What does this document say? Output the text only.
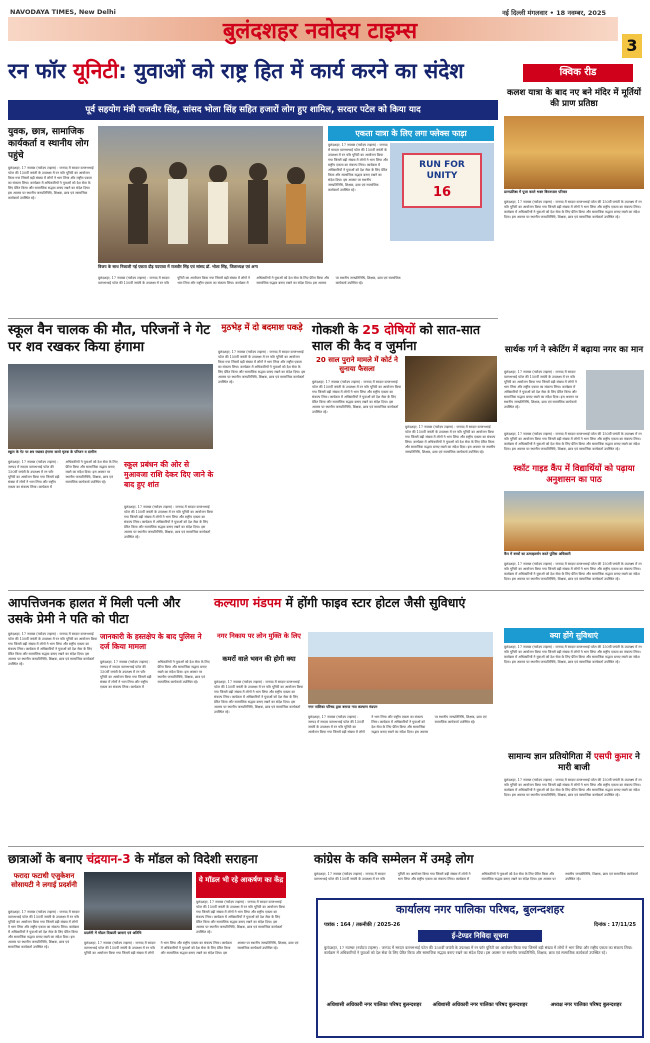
NAVODAYA TIMES, New Delhi	नई दिल्ली मंगलवार • 18 नवम्बर, 2025
बुलंदशहर नवोदय टाइम्स
3
रन फॉर यूनिटी: युवाओं को राष्ट्र हित में कार्य करने का संदेश
पूर्व सहयोग मंत्री राजवीर सिंह, सांसद भोला सिंह सहित हजारों लोग हुए शामिल, सरदार पटेल को किया याद
युवक, छात्र, सामाजिक कार्यकर्ता व स्थानीय लोग पहुंचे
बुलंदशहर, 17 नवम्बर (नवोदय टाइम्स) : जनपद में सरदार वल्लभभाई पटेल की 150वीं जयंती के उपलक्ष्य में रन फॉर यूनिटी का आयोजन किया गया जिसमें बड़ी संख्या में लोगों ने भाग लिया और राष्ट्रीय एकता का संकल्प लिया। कार्यक्रम में अधिकारियों ने युवाओं को देश सेवा के लिए प्रेरित किया और सामाजिक सद्भाव बनाए रखने का संदेश दिया। इस अवसर पर स्थानीय जनप्रतिनिधि, शिक्षक, छात्र एवं सामाजिक कार्यकर्ता उपस्थित रहे।
विजय के साथ निकाली गई एकता दौड़ पदयात्रा में राजवीर सिंह एवं सांसद डॉ. भोला सिंह, जिलाध्यक्ष एवं अन्य
बुलंदशहर, 17 नवम्बर (नवोदय टाइम्स) : जनपद में सरदार वल्लभभाई पटेल की 150वीं जयंती के उपलक्ष्य में रन फॉर यूनिटी का आयोजन किया गया जिसमें बड़ी संख्या में लोगों ने भाग लिया और राष्ट्रीय एकता का संकल्प लिया। कार्यक्रम में अधिकारियों ने युवाओं को देश सेवा के लिए प्रेरित किया और सामाजिक सद्भाव बनाए रखने का संदेश दिया। इस अवसर पर स्थानीय जनप्रतिनिधि, शिक्षक, छात्र एवं सामाजिक कार्यकर्ता उपस्थित रहे।
एकता यात्रा के लिए लगा फ्लेक्स फाड़ा
बुलंदशहर, 17 नवम्बर (नवोदय टाइम्स) : जनपद में सरदार वल्लभभाई पटेल की 150वीं जयंती के उपलक्ष्य में रन फॉर यूनिटी का आयोजन किया गया जिसमें बड़ी संख्या में लोगों ने भाग लिया और राष्ट्रीय एकता का संकल्प लिया। कार्यक्रम में अधिकारियों ने युवाओं को देश सेवा के लिए प्रेरित किया और सामाजिक सद्भाव बनाए रखने का संदेश दिया। इस अवसर पर स्थानीय जनप्रतिनिधि, शिक्षक, छात्र एवं सामाजिक कार्यकर्ता उपस्थित रहे।
RUN FOR UNITY
16
क्विक रीड
कलश यात्रा के बाद नए बने मंदिर में मूर्तियों की प्राण प्रतिष्ठा
प्राणप्रतिष्ठा में पूजा करते भक्त बिरजपाल परिवार
बुलंदशहर, 17 नवम्बर (नवोदय टाइम्स) : जनपद में सरदार वल्लभभाई पटेल की 150वीं जयंती के उपलक्ष्य में रन फॉर यूनिटी का आयोजन किया गया जिसमें बड़ी संख्या में लोगों ने भाग लिया और राष्ट्रीय एकता का संकल्प लिया। कार्यक्रम में अधिकारियों ने युवाओं को देश सेवा के लिए प्रेरित किया और सामाजिक सद्भाव बनाए रखने का संदेश दिया। इस अवसर पर स्थानीय जनप्रतिनिधि, शिक्षक, छात्र एवं सामाजिक कार्यकर्ता उपस्थित रहे।
सार्थक गर्ग ने स्केटिंग में बढ़ाया नगर का मान
बुलंदशहर, 17 नवम्बर (नवोदय टाइम्स) : जनपद में सरदार वल्लभभाई पटेल की 150वीं जयंती के उपलक्ष्य में रन फॉर यूनिटी का आयोजन किया गया जिसमें बड़ी संख्या में लोगों ने भाग लिया और राष्ट्रीय एकता का संकल्प लिया। कार्यक्रम में अधिकारियों ने युवाओं को देश सेवा के लिए प्रेरित किया और सामाजिक सद्भाव बनाए रखने का संदेश दिया। इस अवसर पर स्थानीय जनप्रतिनिधि, शिक्षक, छात्र एवं सामाजिक कार्यकर्ता उपस्थित रहे।
बुलंदशहर, 17 नवम्बर (नवोदय टाइम्स) : जनपद में सरदार वल्लभभाई पटेल की 150वीं जयंती के उपलक्ष्य में रन फॉर यूनिटी का आयोजन किया गया जिसमें बड़ी संख्या में लोगों ने भाग लिया और राष्ट्रीय एकता का संकल्प लिया। कार्यक्रम में अधिकारियों ने युवाओं को देश सेवा के लिए प्रेरित किया और सामाजिक सद्भाव बनाए रखने का संदेश दिया। इस अवसर पर स्थानीय जनप्रतिनिधि, शिक्षक, छात्र एवं सामाजिक कार्यकर्ता उपस्थित रहे।
स्कॉट गाइड कैंप में विद्यार्थियों को पढ़ाया अनुशासन का पाठ
कैंप में बच्चों का उत्साहवर्धन करते पुलिस अधिकारी
बुलंदशहर, 17 नवम्बर (नवोदय टाइम्स) : जनपद में सरदार वल्लभभाई पटेल की 150वीं जयंती के उपलक्ष्य में रन फॉर यूनिटी का आयोजन किया गया जिसमें बड़ी संख्या में लोगों ने भाग लिया और राष्ट्रीय एकता का संकल्प लिया। कार्यक्रम में अधिकारियों ने युवाओं को देश सेवा के लिए प्रेरित किया और सामाजिक सद्भाव बनाए रखने का संदेश दिया। इस अवसर पर स्थानीय जनप्रतिनिधि, शिक्षक, छात्र एवं सामाजिक कार्यकर्ता उपस्थित रहे।
स्कूल वैन चालक की मौत, परिजनों ने गेट पर शव रखकर किया हंगामा
स्कूल के गेट पर शव रखकर हंगामा करते मृतक के परिजन व ग्रामीण
बुलंदशहर, 17 नवम्बर (नवोदय टाइम्स) : जनपद में सरदार वल्लभभाई पटेल की 150वीं जयंती के उपलक्ष्य में रन फॉर यूनिटी का आयोजन किया गया जिसमें बड़ी संख्या में लोगों ने भाग लिया और राष्ट्रीय एकता का संकल्प लिया। कार्यक्रम में अधिकारियों ने युवाओं को देश सेवा के लिए प्रेरित किया और सामाजिक सद्भाव बनाए रखने का संदेश दिया। इस अवसर पर स्थानीय जनप्रतिनिधि, शिक्षक, छात्र एवं सामाजिक कार्यकर्ता उपस्थित रहे।
स्कूल प्रबंधन की ओर से मुआवजा राशि देकर दिए जाने के बाद हुए शांत
बुलंदशहर, 17 नवम्बर (नवोदय टाइम्स) : जनपद में सरदार वल्लभभाई पटेल की 150वीं जयंती के उपलक्ष्य में रन फॉर यूनिटी का आयोजन किया गया जिसमें बड़ी संख्या में लोगों ने भाग लिया और राष्ट्रीय एकता का संकल्प लिया। कार्यक्रम में अधिकारियों ने युवाओं को देश सेवा के लिए प्रेरित किया और सामाजिक सद्भाव बनाए रखने का संदेश दिया। इस अवसर पर स्थानीय जनप्रतिनिधि, शिक्षक, छात्र एवं सामाजिक कार्यकर्ता उपस्थित रहे।
मुठभेड़ में दो बदमाश पकड़े
बुलंदशहर, 17 नवम्बर (नवोदय टाइम्स) : जनपद में सरदार वल्लभभाई पटेल की 150वीं जयंती के उपलक्ष्य में रन फॉर यूनिटी का आयोजन किया गया जिसमें बड़ी संख्या में लोगों ने भाग लिया और राष्ट्रीय एकता का संकल्प लिया। कार्यक्रम में अधिकारियों ने युवाओं को देश सेवा के लिए प्रेरित किया और सामाजिक सद्भाव बनाए रखने का संदेश दिया। इस अवसर पर स्थानीय जनप्रतिनिधि, शिक्षक, छात्र एवं सामाजिक कार्यकर्ता उपस्थित रहे।
गोकशी के 25 दोषियों को सात-सात साल की कैद व जुर्माना
20 साल पुराने मामले में कोर्ट ने सुनाया फैसला
बुलंदशहर, 17 नवम्बर (नवोदय टाइम्स) : जनपद में सरदार वल्लभभाई पटेल की 150वीं जयंती के उपलक्ष्य में रन फॉर यूनिटी का आयोजन किया गया जिसमें बड़ी संख्या में लोगों ने भाग लिया और राष्ट्रीय एकता का संकल्प लिया। कार्यक्रम में अधिकारियों ने युवाओं को देश सेवा के लिए प्रेरित किया और सामाजिक सद्भाव बनाए रखने का संदेश दिया। इस अवसर पर स्थानीय जनप्रतिनिधि, शिक्षक, छात्र एवं सामाजिक कार्यकर्ता उपस्थित रहे।
बुलंदशहर, 17 नवम्बर (नवोदय टाइम्स) : जनपद में सरदार वल्लभभाई पटेल की 150वीं जयंती के उपलक्ष्य में रन फॉर यूनिटी का आयोजन किया गया जिसमें बड़ी संख्या में लोगों ने भाग लिया और राष्ट्रीय एकता का संकल्प लिया। कार्यक्रम में अधिकारियों ने युवाओं को देश सेवा के लिए प्रेरित किया और सामाजिक सद्भाव बनाए रखने का संदेश दिया। इस अवसर पर स्थानीय जनप्रतिनिधि, शिक्षक, छात्र एवं सामाजिक कार्यकर्ता उपस्थित रहे।
आपत्तिजनक हालत में मिली पत्नी और उसके प्रेमी ने पति को पीटा
बुलंदशहर, 17 नवम्बर (नवोदय टाइम्स) : जनपद में सरदार वल्लभभाई पटेल की 150वीं जयंती के उपलक्ष्य में रन फॉर यूनिटी का आयोजन किया गया जिसमें बड़ी संख्या में लोगों ने भाग लिया और राष्ट्रीय एकता का संकल्प लिया। कार्यक्रम में अधिकारियों ने युवाओं को देश सेवा के लिए प्रेरित किया और सामाजिक सद्भाव बनाए रखने का संदेश दिया। इस अवसर पर स्थानीय जनप्रतिनिधि, शिक्षक, छात्र एवं सामाजिक कार्यकर्ता उपस्थित रहे।
जानकारी के हस्तक्षेप के बाद पुलिस ने दर्ज किया मामला
बुलंदशहर, 17 नवम्बर (नवोदय टाइम्स) : जनपद में सरदार वल्लभभाई पटेल की 150वीं जयंती के उपलक्ष्य में रन फॉर यूनिटी का आयोजन किया गया जिसमें बड़ी संख्या में लोगों ने भाग लिया और राष्ट्रीय एकता का संकल्प लिया। कार्यक्रम में अधिकारियों ने युवाओं को देश सेवा के लिए प्रेरित किया और सामाजिक सद्भाव बनाए रखने का संदेश दिया। इस अवसर पर स्थानीय जनप्रतिनिधि, शिक्षक, छात्र एवं सामाजिक कार्यकर्ता उपस्थित रहे।
कल्याण मंडपम में होंगी फाइव स्टार होटल जैसी सुविधाएं
नगर निकाय पर लोन मुक्ति के लिए
कमरों वाले भवन की होगी क्या
बुलंदशहर, 17 नवम्बर (नवोदय टाइम्स) : जनपद में सरदार वल्लभभाई पटेल की 150वीं जयंती के उपलक्ष्य में रन फॉर यूनिटी का आयोजन किया गया जिसमें बड़ी संख्या में लोगों ने भाग लिया और राष्ट्रीय एकता का संकल्प लिया। कार्यक्रम में अधिकारियों ने युवाओं को देश सेवा के लिए प्रेरित किया और सामाजिक सद्भाव बनाए रखने का संदेश दिया। इस अवसर पर स्थानीय जनप्रतिनिधि, शिक्षक, छात्र एवं सामाजिक कार्यकर्ता उपस्थित रहे।
नगर पालिका परिषद द्वारा बनाया गया कल्याण मंडपम
बुलंदशहर, 17 नवम्बर (नवोदय टाइम्स) : जनपद में सरदार वल्लभभाई पटेल की 150वीं जयंती के उपलक्ष्य में रन फॉर यूनिटी का आयोजन किया गया जिसमें बड़ी संख्या में लोगों ने भाग लिया और राष्ट्रीय एकता का संकल्प लिया। कार्यक्रम में अधिकारियों ने युवाओं को देश सेवा के लिए प्रेरित किया और सामाजिक सद्भाव बनाए रखने का संदेश दिया। इस अवसर पर स्थानीय जनप्रतिनिधि, शिक्षक, छात्र एवं सामाजिक कार्यकर्ता उपस्थित रहे।
क्या होंगे सुविधाएं
बुलंदशहर, 17 नवम्बर (नवोदय टाइम्स) : जनपद में सरदार वल्लभभाई पटेल की 150वीं जयंती के उपलक्ष्य में रन फॉर यूनिटी का आयोजन किया गया जिसमें बड़ी संख्या में लोगों ने भाग लिया और राष्ट्रीय एकता का संकल्प लिया। कार्यक्रम में अधिकारियों ने युवाओं को देश सेवा के लिए प्रेरित किया और सामाजिक सद्भाव बनाए रखने का संदेश दिया। इस अवसर पर स्थानीय जनप्रतिनिधि, शिक्षक, छात्र एवं सामाजिक कार्यकर्ता उपस्थित रहे।
सामान्य ज्ञान प्रतियोगिता में एसपी कुमार ने मारी बाजी
बुलंदशहर, 17 नवम्बर (नवोदय टाइम्स) : जनपद में सरदार वल्लभभाई पटेल की 150वीं जयंती के उपलक्ष्य में रन फॉर यूनिटी का आयोजन किया गया जिसमें बड़ी संख्या में लोगों ने भाग लिया और राष्ट्रीय एकता का संकल्प लिया। कार्यक्रम में अधिकारियों ने युवाओं को देश सेवा के लिए प्रेरित किया और सामाजिक सद्भाव बनाए रखने का संदेश दिया। इस अवसर पर स्थानीय जनप्रतिनिधि, शिक्षक, छात्र एवं सामाजिक कार्यकर्ता उपस्थित रहे।
छात्राओं के बनाए चंद्रयान-3 के मॉडल को विदेशी सराहना
फरादा फटाधी एजुकेशन सोसायटी ने लगाई प्रदर्शनी
बुलंदशहर, 17 नवम्बर (नवोदय टाइम्स) : जनपद में सरदार वल्लभभाई पटेल की 150वीं जयंती के उपलक्ष्य में रन फॉर यूनिटी का आयोजन किया गया जिसमें बड़ी संख्या में लोगों ने भाग लिया और राष्ट्रीय एकता का संकल्प लिया। कार्यक्रम में अधिकारियों ने युवाओं को देश सेवा के लिए प्रेरित किया और सामाजिक सद्भाव बनाए रखने का संदेश दिया। इस अवसर पर स्थानीय जनप्रतिनिधि, शिक्षक, छात्र एवं सामाजिक कार्यकर्ता उपस्थित रहे।
प्रदर्शनी में मॉडल दिखाती छात्राएं एवं अतिथि
ये मॉडल भी रहे आकर्षण का केंद्र
बुलंदशहर, 17 नवम्बर (नवोदय टाइम्स) : जनपद में सरदार वल्लभभाई पटेल की 150वीं जयंती के उपलक्ष्य में रन फॉर यूनिटी का आयोजन किया गया जिसमें बड़ी संख्या में लोगों ने भाग लिया और राष्ट्रीय एकता का संकल्प लिया। कार्यक्रम में अधिकारियों ने युवाओं को देश सेवा के लिए प्रेरित किया और सामाजिक सद्भाव बनाए रखने का संदेश दिया। इस अवसर पर स्थानीय जनप्रतिनिधि, शिक्षक, छात्र एवं सामाजिक कार्यकर्ता उपस्थित रहे।
बुलंदशहर, 17 नवम्बर (नवोदय टाइम्स) : जनपद में सरदार वल्लभभाई पटेल की 150वीं जयंती के उपलक्ष्य में रन फॉर यूनिटी का आयोजन किया गया जिसमें बड़ी संख्या में लोगों ने भाग लिया और राष्ट्रीय एकता का संकल्प लिया। कार्यक्रम में अधिकारियों ने युवाओं को देश सेवा के लिए प्रेरित किया और सामाजिक सद्भाव बनाए रखने का संदेश दिया। इस अवसर पर स्थानीय जनप्रतिनिधि, शिक्षक, छात्र एवं सामाजिक कार्यकर्ता उपस्थित रहे।
कांग्रेस के कवि सम्मेलन में उमड़े लोग
बुलंदशहर, 17 नवम्बर (नवोदय टाइम्स) : जनपद में सरदार वल्लभभाई पटेल की 150वीं जयंती के उपलक्ष्य में रन फॉर यूनिटी का आयोजन किया गया जिसमें बड़ी संख्या में लोगों ने भाग लिया और राष्ट्रीय एकता का संकल्प लिया। कार्यक्रम में अधिकारियों ने युवाओं को देश सेवा के लिए प्रेरित किया और सामाजिक सद्भाव बनाए रखने का संदेश दिया। इस अवसर पर स्थानीय जनप्रतिनिधि, शिक्षक, छात्र एवं सामाजिक कार्यकर्ता उपस्थित रहे।
कार्यालय नगर पालिका परिषद, बुलन्दशहर
पत्रांक : 164 / तकनीकी / 2025-26	दिनांक : 17/11/25
ई-टेण्डर निविदा सूचना
बुलंदशहर, 17 नवम्बर (नवोदय टाइम्स) : जनपद में सरदार वल्लभभाई पटेल की 150वीं जयंती के उपलक्ष्य में रन फॉर यूनिटी का आयोजन किया गया जिसमें बड़ी संख्या में लोगों ने भाग लिया और राष्ट्रीय एकता का संकल्प लिया। कार्यक्रम में अधिकारियों ने युवाओं को देश सेवा के लिए प्रेरित किया और सामाजिक सद्भाव बनाए रखने का संदेश दिया। इस अवसर पर स्थानीय जनप्रतिनिधि, शिक्षक, छात्र एवं सामाजिक कार्यकर्ता उपस्थित रहे।
अधिशासी अधिकारी नगर पालिका परिषद बुलन्दशहर	अधिशासी अधिकारी नगर पालिका परिषद बुलन्दशहर	अध्यक्ष नगर पालिका परिषद बुलन्दशहर
